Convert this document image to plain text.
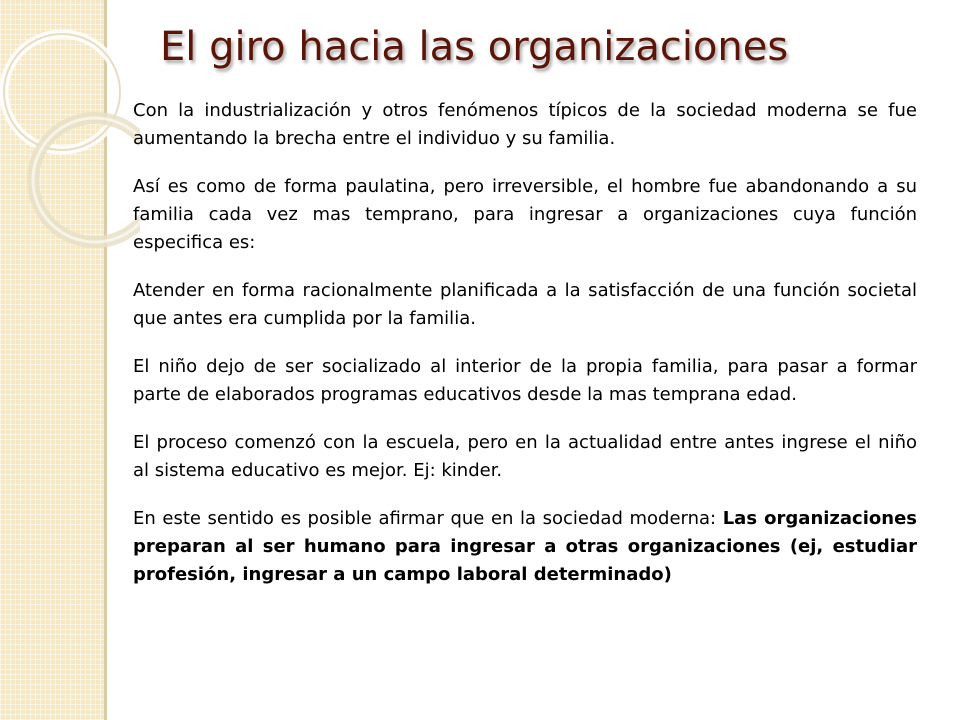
El giro hacia las organizaciones

Con la industrialización y otros fenómenos típicos de la sociedad moderna se fue aumentando la brecha entre el individuo y su familia.

Así es como de forma paulatina, pero irreversible, el hombre fue abandonando a su familia cada vez mas temprano, para ingresar a organizaciones cuya función especifica es:

Atender en forma racionalmente planificada a la satisfacción de una función societal que antes era cumplida por la familia.

El niño dejo de ser socializado al interior de la propia familia, para pasar a formar parte de elaborados programas educativos desde la mas temprana edad.

El proceso comenzó con la escuela, pero en la actualidad entre antes ingrese el niño al sistema educativo es mejor. Ej: kinder.

En este sentido es posible afirmar que en la sociedad moderna: Las organizaciones preparan al ser humano para ingresar a otras organizaciones (ej, estudiar profesión, ingresar a un campo laboral determinado)
